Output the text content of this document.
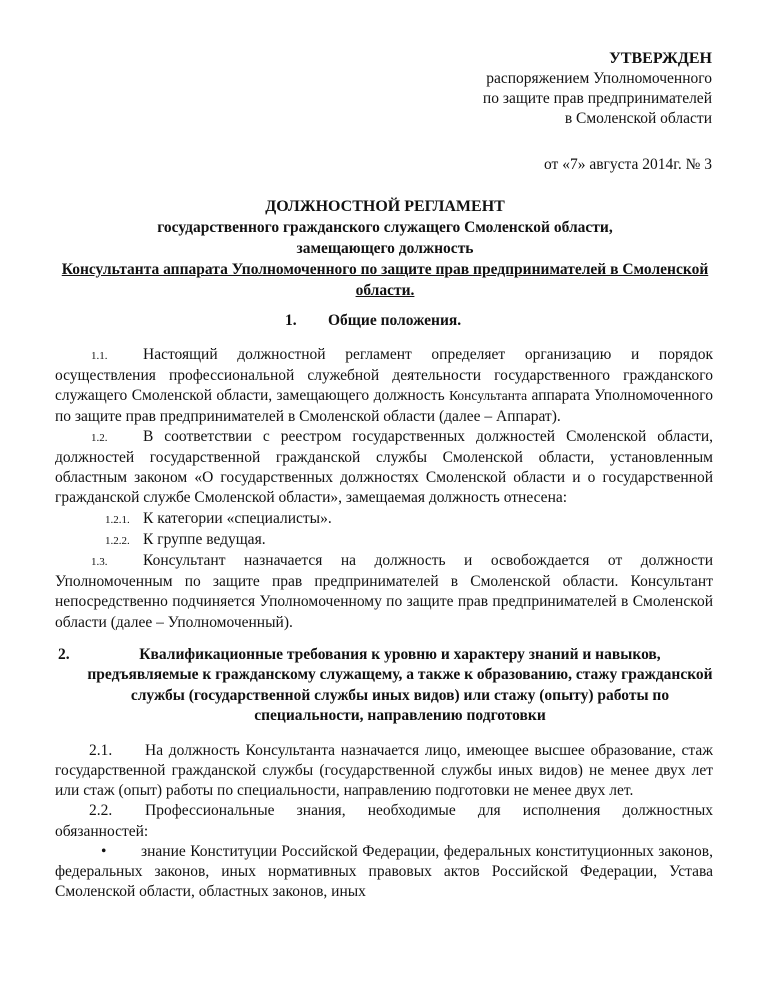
УТВЕРЖДЕН
распоряжением Уполномоченного
по защите прав предпринимателей
в Смоленской области
от «7» августа 2014г. № 3
ДОЛЖНОСТНОЙ РЕГЛАМЕНТ
государственного гражданского служащего Смоленской области,
замещающего должность
Консультанта аппарата Уполномоченного по защите прав предпринимателей в Смоленской области.
1. Общие положения.

1.1. Настоящий должностной регламент определяет организацию и порядок осуществления профессиональной служебной деятельности государственного гражданского служащего Смоленской области, замещающего должность Консультанта аппарата Уполномоченного по защите прав предпринимателей в Смоленской области (далее – Аппарат).

1.2. В соответствии с реестром государственных должностей Смоленской области, должностей государственной гражданской службы Смоленской области, установленным областным законом «О государственных должностях Смоленской области и о государственной гражданской службе Смоленской области», замещаемая должность отнесена:

1.2.1. К категории «специалисты».

1.2.2. К группе ведущая.

1.3. Консультант назначается на должность и освобождается от должности Уполномоченным по защите прав предпринимателей в Смоленской области. Консультант непосредственно подчиняется Уполномоченному по защите прав предпринимателей в Смоленской области (далее – Уполномоченный).

2.	Квалификационные требования к уровню и характеру знаний и навыков, предъявляемые к гражданскому служащему, а также к образованию, стажу гражданской службы (государственной службы иных видов) или стажу (опыту) работы по специальности, направлению подготовки

2.1. На должность Консультанта назначается лицо, имеющее высшее образование, стаж государственной гражданской службы (государственной службы иных видов) не менее двух лет или стаж (опыт) работы по специальности, направлению подготовки не менее двух лет.

2.2. Профессиональные знания, необходимые для исполнения должностных обязанностей:

• знание Конституции Российской Федерации, федеральных конституционных законов, федеральных законов, иных нормативных правовых актов Российской Федерации, Устава Смоленской области, областных законов, иных
